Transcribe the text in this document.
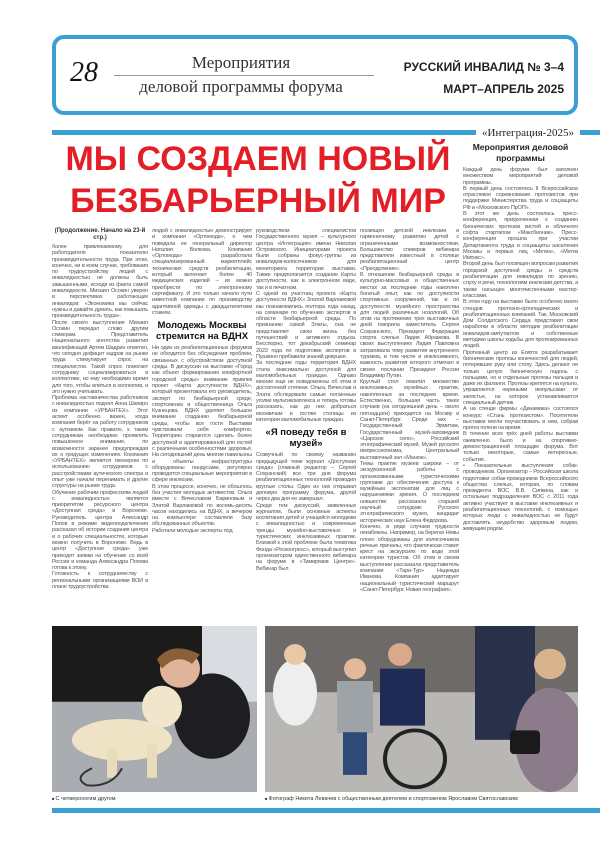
28	Мероприятия
деловой программы форума
РУССКИЙ ИНВАЛИД № 3–4
МАРТ–АПРЕЛЬ 2025
«Интеграция-2025»
МЫ СОЗДАЕМ НОВЫЙ
БЕЗБАРЬЕРНЫЙ МИР
(Продолжение. Начало на 23-й стр.)

более привлекаемому для работодателя показателю производительности труда. При этом, конечно, ни в коем случае, требования по трудоустройству людей с инвалидностью не должны быть завышенными, исходя из факта самой инвалидности. Михаил Осокин уверен в перспективах работающих инвалидов: «Экономика мы сейчас нужны и давайте думать, как повышать производительность труда».

После своего выступления Михаил Осокин передал слово другим спикерам. Представитель Национального агентства развития квалификаций Артем Шадрин отметил, что сегодня дефицит кадров на рынке труда стимулирует спрос на специалистов. Такой спрос помогает сотруднику социализироваться в коллективе, но ему необходимо время для того, чтобы влиться в коллектив, и это нужно учитывать.

Проблема наставничества работников с инвалидностью поднял Анна Шапиро из компании «УРБАНТЕХ». Этот аспект особенно важен, когда компания берёт на работу сотрудников с аутизмом. Как правило, к таким сотрудникам необходимо проявлять повышенное внимание, по возможности заранее предупреждая их о грядущих изменениях. Компания «УРБАНТЕХ» является пионером по использованию сотрудников с расстройствами аутического спектра и опыт уже начали перенимать и другие структуры на рынке труда.

Обучение рабочим профессиям людей с инвалидностью является приоритетом ресурсного центра «Доступная среда» в Воронеже. Руководитель центра Александр Попов в режиме видеоподключения рассказал об истории создания центра и о рабочих специальностях, которые можно получить в Воронеже. Ведь в центр «Доступная среда» уже приходят заявки на обучение со всей России и команда Александра Попова готова к этому.

Готовность к сотрудничеству с региональными организациями ВОИ в плане трудоустройства

людей с инвалидностью демонстрирует и компания «Ортомода», о чем поведала ее генеральный директор Наталия Волкова. Компания «Ортомода» разработала специализированный маркетплейс технических средств реабилитации, который включает более 40 медицинских изделий – их можно приобрести по электронному сертификату. И это только начало пути известной компании по производству адаптивной одежды с двадцатилетним стажем.

Молодежь Москвы стремится на ВДНХ

Ни один из реабилитационных форумов не обходится без обсуждения проблем, связанных с обустройством доступной среды. В дискуссии на выставке «Город как объект формирования комфортной городской среды» внимание привлек проект «Карта доступности ВДНХ», который презентовала его руководитель, эксперт по безбарьерной среде, спортсменка и общественница Ольга Кузнецова. ВДНХ уделяет большое внимание созданию безбарьерной среды, чтобы все гости Выставки чувствовали себя комфортно. Территорию стараются сделать более доступной и адаптированной для гостей с различными особенностями здоровья. На сегодняшний день многие павильоны и объекты инфраструктуры оборудованы пандусами, регулярно проводятся специальные мероприятия в сфере инклюзии.

В этом процессе, конечно, не обошлось без участия молодых активистов. Ольга вместе с Вячеславом Бариновым и Златой Варламовой по восемь-десять часов находились на ВДНХ, а вечером на компьютере составляли базу обследованных объектов.

Работали молодые эксперты под

руководством специалистов Государственного музея – культурного центра «Интеграция» имени Николая Островского. Инициаторами проекта были собраны фокус-группы из инвалидов-колясочников для мониторинга территории выставки. Также предполагается создание Карты доступности, как в электронном виде, так и в печатном.

С одной из участниц проекта «Карта доступности ВДНХ» Златой Варламовой мы познакомились полтора года назад, на семинаре по обучению экспертов в области безбарьерной среды. По признанию самой Златы, она не представляет свою жизнь без путешествий и активного отдыха. Бесспорно, тот декабрьский семинар 2023 года по подготовке экспертов в Пушкино прибавили знаний девушке.

За последние годы территория ВДНХ стала максимально доступной для маломобильных граждан. Однако многие еще не осведомлены об этом в достаточной степени. Ольга, Вячеслав и Злата обследовали самые потаенные уголки мультикомплекса и теперь готовы рассказать, как до них добраться москвичам и гостям столицы из категории маломобильных граждан.

«Я поведу тебя в музей»

Созвучный по своему названию предыдущей теме журнал «Доступная среда» (главный редактор – Сергей Сохранский) все три дня форума реабилитационных технологий проводил круглые столы. Один из них открывал деловую программу форума, другой через два дня ее завершал.

Среди тем дискуссий, заявленных журналом, были основные аспекты воспитания детей и учащейся молодежи с инвалидностью и современные тренды музейно-выставочных и туристических инклюзивных практик. Близкой к этой проблеме была тематика Фонда «Росконгресс», который выступил организатором единственного вебинара на форуме в «Тимирязев Центре». Вебинар был

посвящен детской инклюзии и гармоничному развитию детей с ограниченными возможностями. Большинство спикеров вебинара представляли известный в столице реабилитационный центр «Преодоление».

В отношении безбарьерной среды в культурно-массовых и общественных местах за последние годы накоплен богатый опыт, как по доступности спортивных сооружений, так и по доступности музейного пространства для людей различных нозологий. Об этом на протяжении трех выставочных дней говорила заместитель Сергея Сохранского, Президент Федерации спорта слепых Лидия Абрамова. В своих выступлениях Лидия Павловна затрагивала тему развития внутреннего туризма, в том числе и инклюзивного, важность развития которого отмечал в своем послании Президент России Владимир Путин.

Круглый стол охватил множество инклюзивных музейных практик, накопленных за последнее время. Естественно, большая часть таких случаев (на сегодняшний день – около пятнадцати) приходится на Москву и Санкт-Петербург. Среди них – Государственный Эрмитаж, Государственный музей-заповедник «Царское село», Российский этнографический музей, Музей русского импрессионизма, Центральный выставочный зал «Манеж».

Темы практик музеев широки – от экскурсионной работы с организованными туристическими группами до обеспечения доступа к музейным экспонатам для лиц с нарушениями зрения. О последнем новшестве рассказала старший научный сотрудник Русского этнографического музея, кандидат исторических наук Елена Федорова.

Конечно, в ряде случаев трудности неизбежны. Например, на берегах Невы плохо оборудованы для колясочников речные причалы, что фактически ставит крест на экскурсиях по воде этой категории туристов. Об этом в своем выступлении рассказала представитель компании «Тари-Тур» Надежда Иванова. Компания адаптирует национальный туристический маршрут «Санкт-Петербург. Новая география».

Мероприятия деловой программы

Каждый день форума был заполнен множеством мероприятий деловой программы.

В первый день состоялось II Всероссийское отраслевое соревнование протезистов при поддержке Министерства труда и соцзащиты РФ и «Московского ПрОП».

В этот же день состоялась пресс-конференция, приуроченная к созданию бионических протезов кистей и облачного софта стартапом «Максбионик». Пресс-конференция прошла при участии Департамента труда и соцзащиты населения Москвы и первых лиц «Метиз», «Метиз Импэкс».

Второй день был посвящен вопросам развития городской доступной среды и средств реабилитации для инвалидов по зрению, слуху и речи, технологиям инклюзии детства, а также насыщен многочисленными мастер-классами.

В этом году на выставке было особенно много стендов протезно-ортопедических и реабилитационных компаний. Так, Московский Дом Солдатского Сердца представил свои наработки в области методик реабилитации инвалидов-ампутантов и собственные методики школы ходьбы для протезированных людей.

Протезный центр из Египта разрабатывает бионические протезы конечностей для людей, потерявших руку или стопу. Здесь делают не только целую бионическую ладонь с пальцами, но и отдельные протезы пальцев и даже их фаланги. Протезы крепятся на культю, управляются нервными импульсами от запястья, на которое устанавливается специальный датчик.

А на стенде фирмы «Динамика» состоялся конкурс «Стань протезистом». Посетители выставки могли поучаствовать в нем, собрав протез голени на время.

В течение всех трёх дней работы выставки оживленно было и на спортивно-демонстрационной площадке форума. Вот только некоторые, самые интересные, события.

• Показательные выступления собак-проводников. Организатор – Российская школа подготовки собак-проводников Всероссийского общества слепых, которая, по словам президента ВОС В.В. Сипкина, как и остальные подразделения ВОС с 2011 года активно участвует в выставке инклюзивных и реабилитационных технологий, с помощью которых люди с инвалидностью не будут доставлять неудобство здоровым людям, живущим рядом.

■ С четвероногим другом	■ Фотограф Никита Левачев с общественным деятелем и спортсменом Ярославом Святославским
